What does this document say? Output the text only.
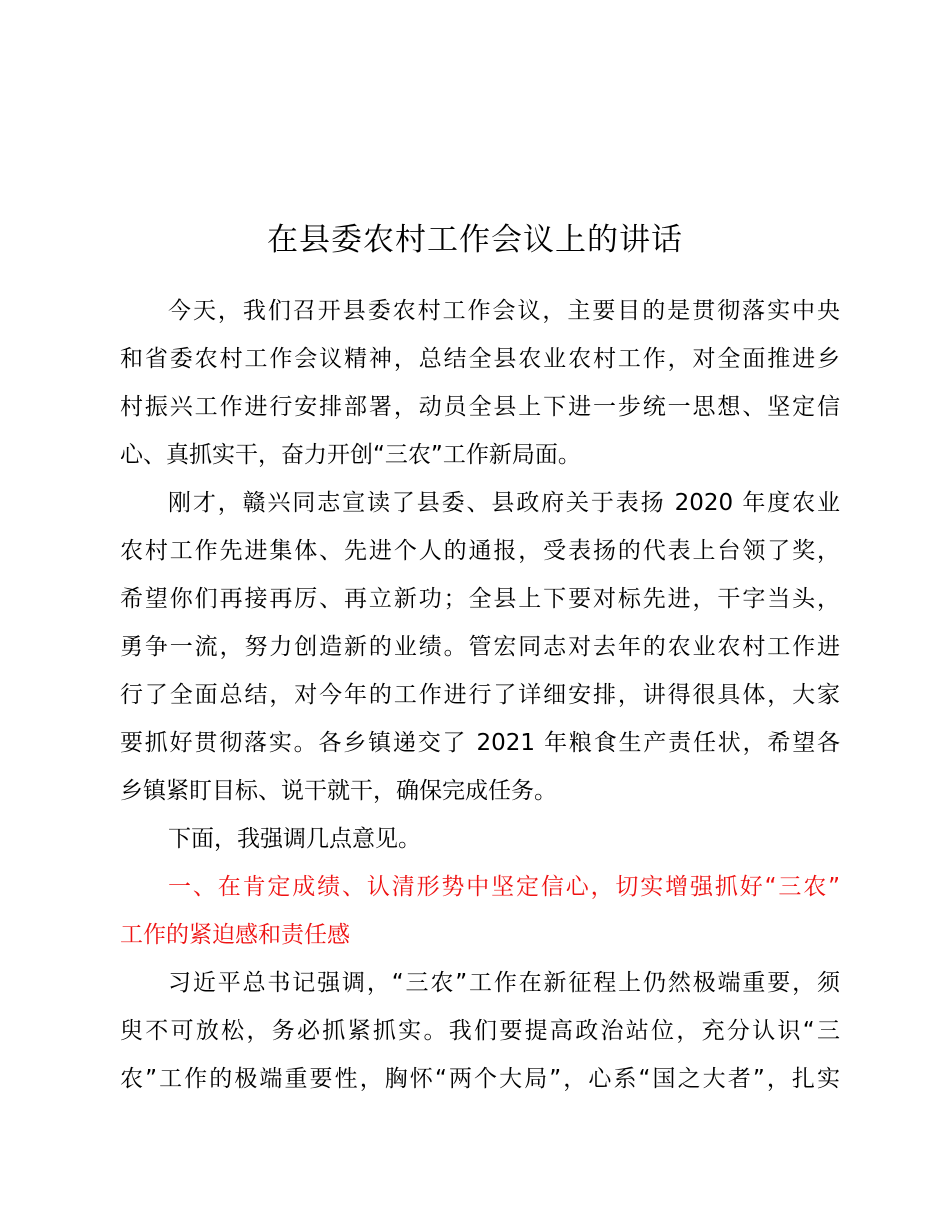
在县委农村工作会议上的讲话
今天，我们召开县委农村工作会议，主要目的是贯彻落实中央
和省委农村工作会议精神，总结全县农业农村工作，对全面推进乡
村振兴工作进行安排部署，动员全县上下进一步统一思想、坚定信
心、真抓实干，奋力开创“三农”工作新局面。
刚才，赣兴同志宣读了县委、县政府关于表扬 2020 年度农业
农村工作先进集体、先进个人的通报，受表扬的代表上台领了奖，
希望你们再接再厉、再立新功；全县上下要对标先进，干字当头，
勇争一流，努力创造新的业绩。管宏同志对去年的农业农村工作进
行了全面总结，对今年的工作进行了详细安排，讲得很具体，大家
要抓好贯彻落实。各乡镇递交了 2021 年粮食生产责任状，希望各
乡镇紧盯目标、说干就干，确保完成任务。
下面，我强调几点意见。
一、在肯定成绩、认清形势中坚定信心，切实增强抓好“三农”
工作的紧迫感和责任感
习近平总书记强调，“三农”工作在新征程上仍然极端重要，须
臾不可放松，务必抓紧抓实。我们要提高政治站位，充分认识“三
农”工作的极端重要性，胸怀“两个大局”，心系“国之大者”，扎实
